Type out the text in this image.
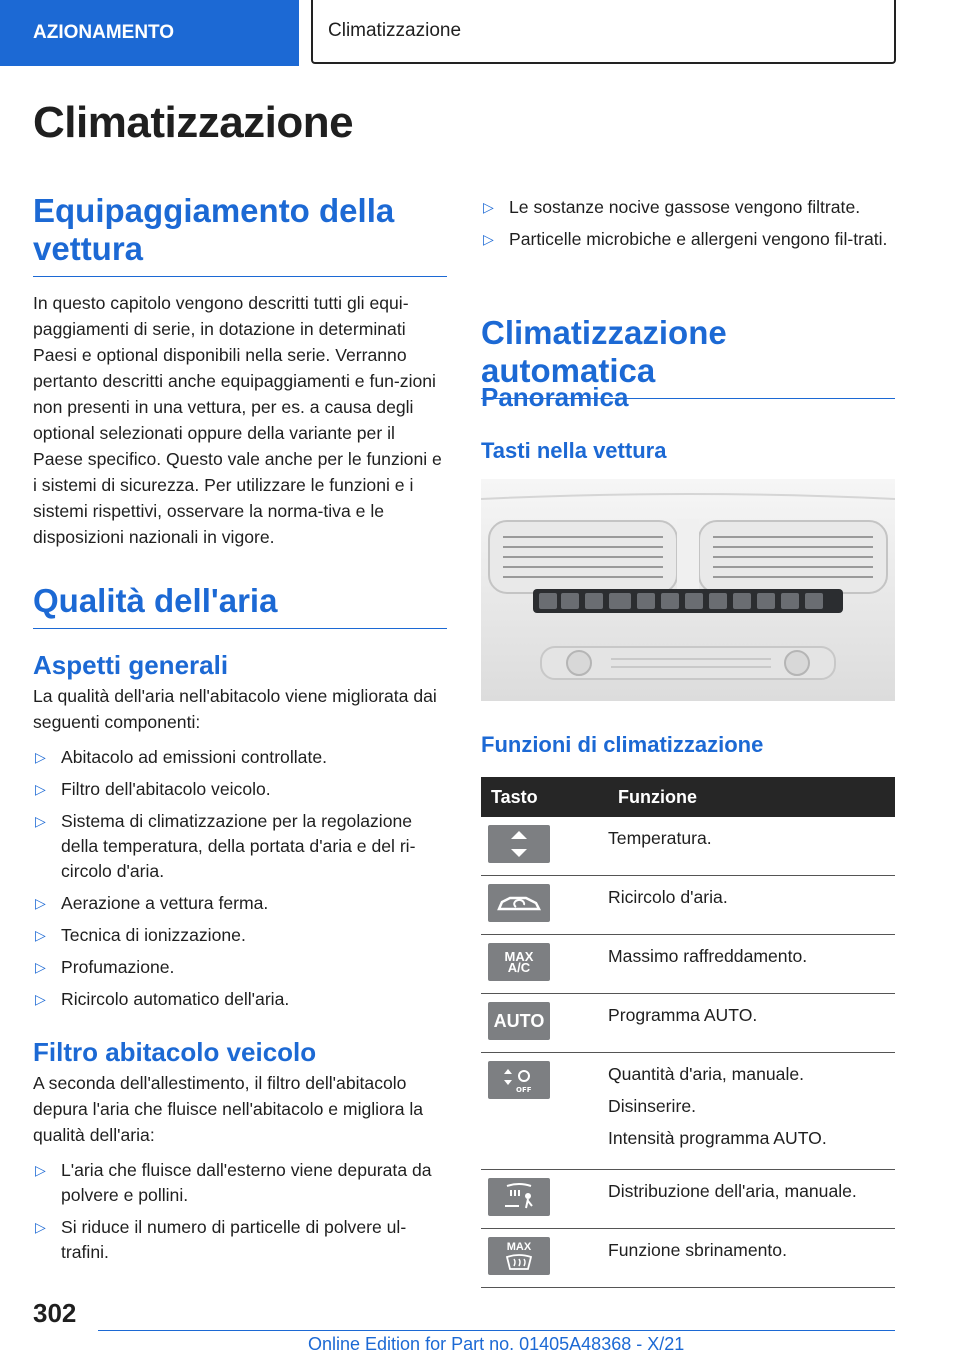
AZIONAMENTO	Climatizzazione
Climatizzazione
Equipaggiamento della vettura

In questo capitolo vengono descritti tutti gli equi-paggiamenti di serie, in dotazione in determinati Paesi e optional disponibili nella serie. Verranno pertanto descritti anche equipaggiamenti e fun-zioni non presenti in una vettura, per es. a causa degli optional selezionati oppure della variante per il Paese specifico. Questo vale anche per le funzioni e i sistemi di sicurezza. Per utilizzare le funzioni e i sistemi rispettivi, osservare la norma-tiva e le disposizioni nazionali in vigore.

Qualità dell'aria
Aspetti generali

La qualità dell'aria nell'abitacolo viene migliorata dai seguenti componenti:

▷ Abitacolo ad emissioni controllate.
▷ Filtro dell'abitacolo veicolo.
▷ Sistema di climatizzazione per la regolazione della temperatura, della portata d'aria e del ri-circolo d'aria.
▷ Aerazione a vettura ferma.
▷ Tecnica di ionizzazione.
▷ Profumazione.
▷ Ricircolo automatico dell'aria.
Filtro abitacolo veicolo

A seconda dell'allestimento, il filtro dell'abitacolo depura l'aria che fluisce nell'abitacolo e migliora la qualità dell'aria:

▷ L'aria che fluisce dall'esterno viene depurata da polvere e pollini.
▷ Si riduce il numero di particelle di polvere ul-trafini.
▷ Le sostanze nocive gassose vengono filtrate.
▷ Particelle microbiche e allergeni vengono fil-trati.
Climatizzazione automatica
Panoramica
Tasti nella vettura
Funzioni di climatizzazione
Tasto	Funzione

Temperatura.

Ricircolo d'aria.

MAX
A/C	Massimo raffreddamento.

AUTO	Programma AUTO.

OFF	Quantità d'aria, manuale.
Disinserire.
Intensità programma AUTO.

Distribuzione dell'aria, manuale.

MAX	Funzione sbrinamento.
302
Online Edition for Part no. 01405A48368 - X/21
